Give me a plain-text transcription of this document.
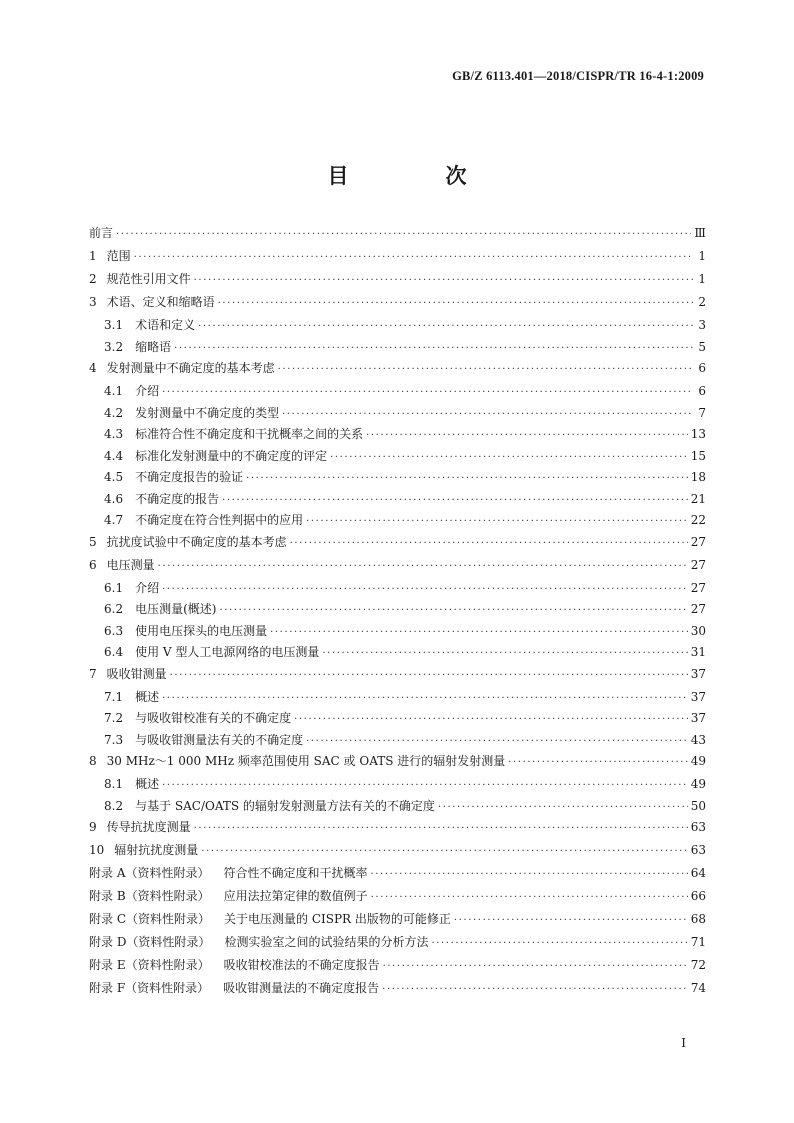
GB/Z 6113.401—2018/CISPR/TR 16-4-1:2009
目　次
前言 ·····	Ⅲ
1 范围 ·····	1
2 规范性引用文件 ·····	1
3 术语、定义和缩略语 ·····	2
3.1 术语和定义 ·····	3
3.2 缩略语 ·····	5
4 发射测量中不确定度的基本考虑 ·····	6
4.1 介绍 ·····	6
4.2 发射测量中不确定度的类型 ·····	7
4.3 标准符合性不确定度和干扰概率之间的关系 ·····	13
4.4 标准化发射测量中的不确定度的评定 ·····	15
4.5 不确定度报告的验证 ·····	18
4.6 不确定度的报告 ·····	21
4.7 不确定度在符合性判据中的应用 ·····	22
5 抗扰度试验中不确定度的基本考虑 ·····	27
6 电压测量 ·····	27
6.1 介绍 ·····	27
6.2 电压测量(概述) ·····	27
6.3 使用电压探头的电压测量 ·····	30
6.4 使用 V 型人工电源网络的电压测量 ·····	31
7 吸收钳测量 ·····	37
7.1 概述 ·····	37
7.2 与吸收钳校准有关的不确定度 ·····	37
7.3 与吸收钳测量法有关的不确定度 ·····	43
8 30 MHz～1 000 MHz 频率范围使用 SAC 或 OATS 进行的辐射发射测量 ·····	49
8.1 概述 ·····	49
8.2 与基于 SAC/OATS 的辐射发射测量方法有关的不确定度 ·····	50
9 传导抗扰度测量 ·····	63
10 辐射抗扰度测量 ·····	63
附录 A（资料性附录） 符合性不确定度和干扰概率 ·····	64
附录 B（资料性附录） 应用法拉第定律的数值例子 ·····	66
附录 C（资料性附录） 关于电压测量的 CISPR 出版物的可能修正 ·····	68
附录 D（资料性附录） 检测实验室之间的试验结果的分析方法 ·····	71
附录 E（资料性附录） 吸收钳校准法的不确定度报告 ·····	72
附录 F（资料性附录） 吸收钳测量法的不确定度报告 ·····	74
I
